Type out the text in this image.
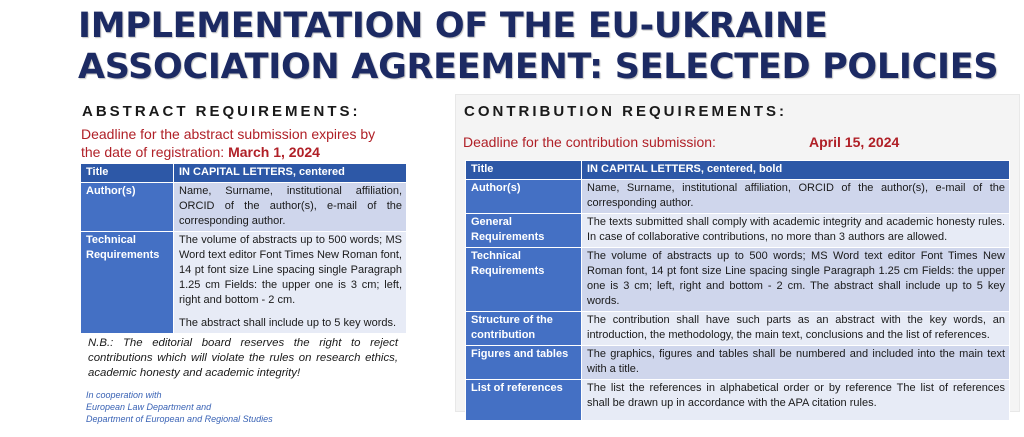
IMPLEMENTATION OF THE EU-UKRAINE
ASSOCIATION AGREEMENT: SELECTED POLICIES
ABSTRACT REQUIREMENTS:
Deadline for the abstract submission expires by
the date of registration: March 1, 2024
Title	IN CAPITAL LETTERS, centered
Author(s)	Name, Surname, institutional affiliation, ORCID of the author(s), e-mail of the corresponding author.
Technical Requirements	The volume of abstracts up to 500 words; MS Word text editor Font Times New Roman font, 14 pt font size Line spacing single Paragraph 1.25 cm Fields: the upper one is 3 cm; left, right and bottom - 2 cm.

The abstract shall include up to 5 key words.

N.B.: The editorial board reserves the right to reject contributions which will violate the rules on research ethics, academic honesty and academic integrity!
In cooperation with
European Law Department and
Department of European and Regional Studies
CONTRIBUTION REQUIREMENTS:
Deadline for the contribution submission:	April 15, 2024
Title	IN CAPITAL LETTERS, centered, bold
Author(s)	Name, Surname, institutional affiliation, ORCID of the author(s), e-mail of the corresponding author.
General Requirements	The texts submitted shall comply with academic integrity and academic honesty rules. In case of collaborative contributions, no more than 3 authors are allowed.
Technical Requirements	The volume of abstracts up to 500 words; MS Word text editor Font Times New Roman font, 14 pt font size Line spacing single Paragraph 1.25 cm Fields: the upper one is 3 cm; left, right and bottom - 2 cm. The abstract shall include up to 5 key words.
Structure of the contribution	The contribution shall have such parts as an abstract with the key words, an introduction, the methodology, the main text, conclusions and the list of references.
Figures and tables	The graphics, figures and tables shall be numbered and included into the main text with a title.
List of references	The list the references in alphabetical order or by reference The list of references shall be drawn up in accordance with the APA citation rules.
